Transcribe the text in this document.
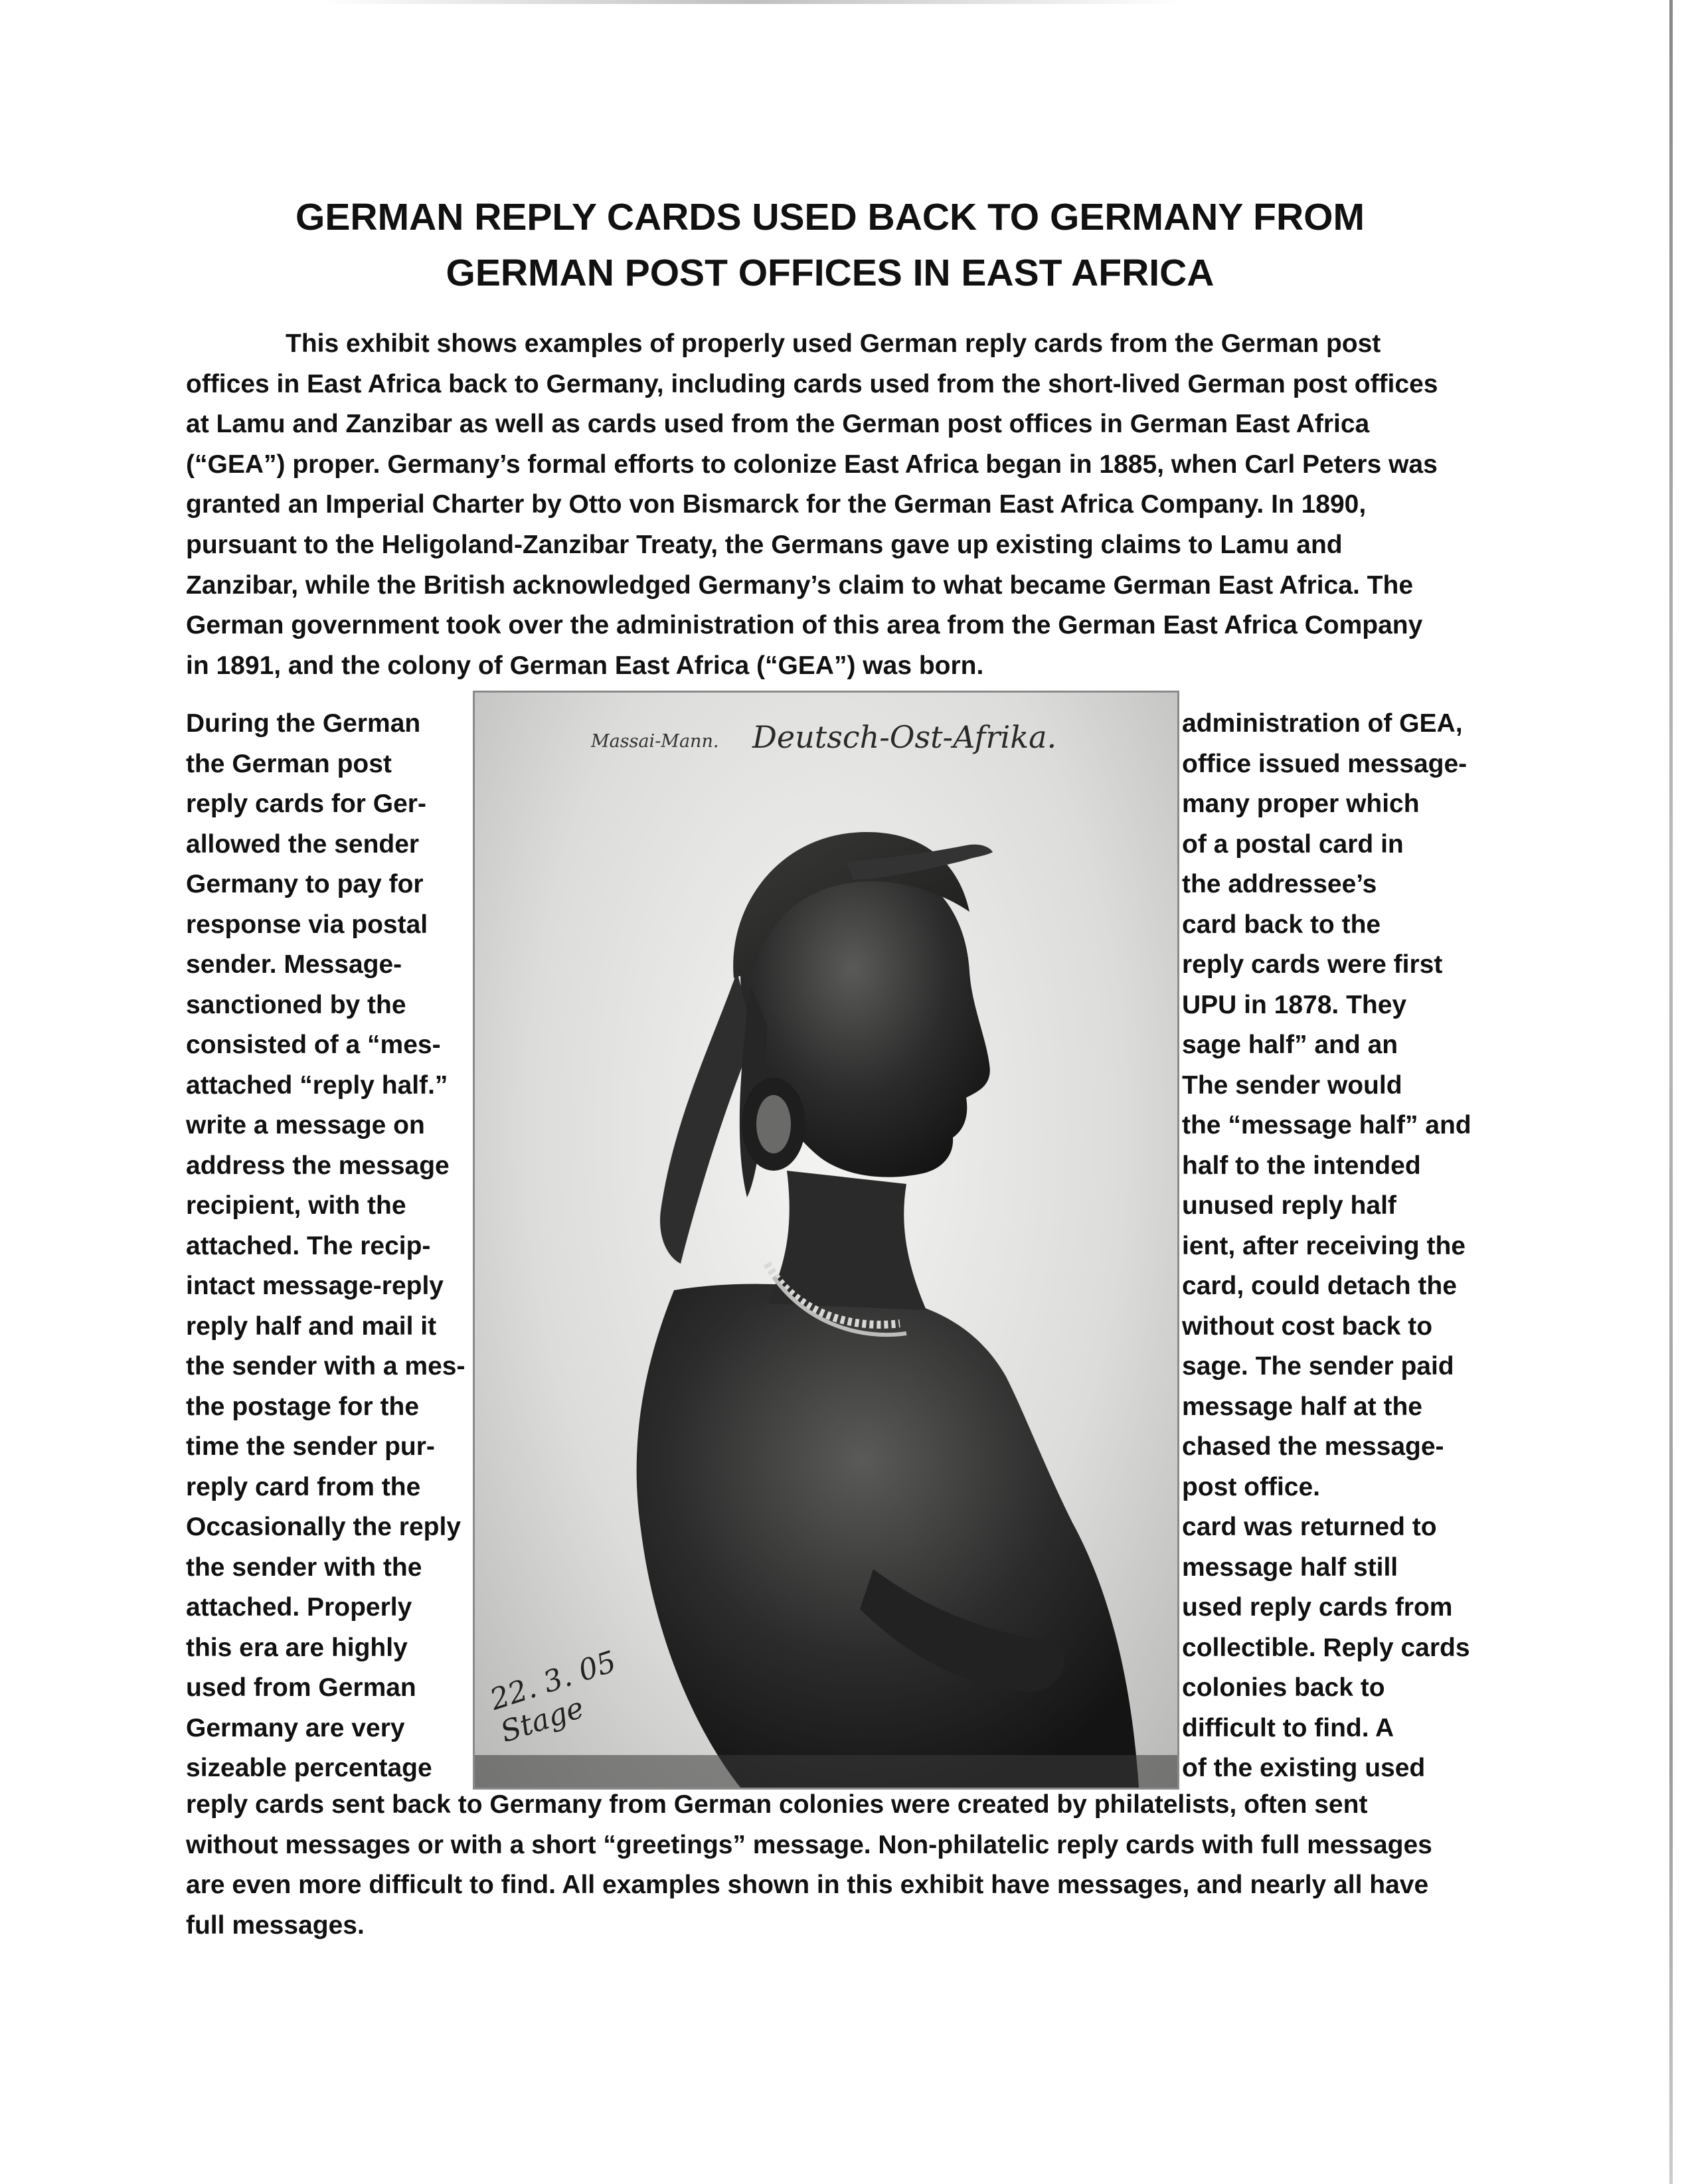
GERMAN REPLY CARDS USED BACK TO GERMANY FROM
GERMAN POST OFFICES IN EAST AFRICA

This exhibit shows examples of properly used German reply cards from the German post
offices in East Africa back to Germany, including cards used from the short-lived German post offices
at Lamu and Zanzibar as well as cards used from the German post offices in German East Africa
(“GEA”) proper. Germany’s formal efforts to colonize East Africa began in 1885, when Carl Peters was
granted an Imperial Charter by Otto von Bismarck for the German East Africa Company. In 1890,
pursuant to the Heligoland-Zanzibar Treaty, the Germans gave up existing claims to Lamu and
Zanzibar, while the British acknowledged Germany’s claim to what became German East Africa. The
German government took over the administration of this area from the German East Africa Company
in 1891, and the colony of German East Africa (“GEA”) was born.

During the German
the German post
reply cards for Ger-
allowed the sender
Germany to pay for
response via postal
sender. Message-
sanctioned by the
consisted of a “mes-
attached “reply half.”
write a message on
address the message
recipient, with the
attached. The recip-
intact message-reply
reply half and mail it
the sender with a mes-
the postage for the
time the sender pur-
reply card from the
Occasionally the reply
the sender with the
attached. Properly
this era are highly
used from German
Germany are very
sizeable percentage

Massai-Mann. Deutsch-Ost-Afrika.
22. 3. 05 Stage

administration of GEA,
office issued message-
many proper which
of a postal card in
the addressee’s
card back to the
reply cards were first
UPU in 1878. They
sage half” and an
The sender would
the “message half” and
half to the intended
unused reply half
ient, after receiving the
card, could detach the
without cost back to
sage. The sender paid
message half at the
chased the message-
post office.
card was returned to
message half still
used reply cards from
collectible. Reply cards
colonies back to
difficult to find. A
of the existing used

reply cards sent back to Germany from German colonies were created by philatelists, often sent
without messages or with a short “greetings” message. Non-philatelic reply cards with full messages
are even more difficult to find. All examples shown in this exhibit have messages, and nearly all have
full messages.
